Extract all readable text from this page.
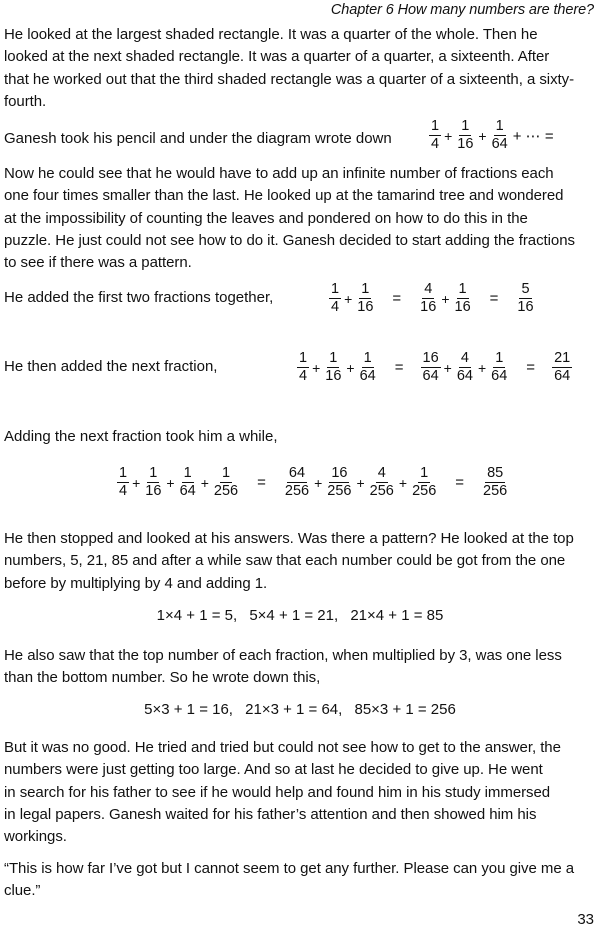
Chapter 6 How many numbers are there?
He looked at the largest shaded rectangle. It was a quarter of the whole. Then he
looked at the next shaded rectangle. It was a quarter of a quarter, a sixteenth. After
that he worked out that the third shaded rectangle was a quarter of a sixteenth, a sixty-
fourth.
Ganesh took his pencil and under the diagram wrote down	$\frac{1}{4} + \frac{1}{16} + \frac{1}{64}$ + ⋯ =
Now he could see that he would have to add up an infinite number of fractions each
one four times smaller than the last. He looked up at the tamarind tree and wondered
at the impossibility of counting the leaves and pondered on how to do this in the
puzzle. He just could not see how to do it. Ganesh decided to start adding the fractions
to see if there was a pattern.
He added the first two fractions together,	$\frac{1}{4} + \frac{1}{16} = \frac{4}{16} + \frac{1}{16} = \frac{5}{16}$
He then added the next fraction,	$\frac{1}{4} + \frac{1}{16} + \frac{1}{64} = \frac{16}{64} + \frac{4}{64} + \frac{1}{64} = \frac{21}{64}$
Adding the next fraction took him a while,
$\frac{1}{4} + \frac{1}{16} + \frac{1}{64} + \frac{1}{256} = \frac{64}{256} + \frac{16}{256} + \frac{4}{256} + \frac{1}{256} = \frac{85}{256}$
He then stopped and looked at his answers. Was there a pattern? He looked at the top
numbers, 5, 21, 85 and after a while saw that each number could be got from the one
before by multiplying by 4 and adding 1.
1×4 + 1 = 5, 5×4 + 1 = 21, 21×4 + 1 = 85
He also saw that the top number of each fraction, when multiplied by 3, was one less
than the bottom number. So he wrote down this,
5×3 + 1 = 16, 21×3 + 1 = 64, 85×3 + 1 = 256
But it was no good. He tried and tried but could not see how to get to the answer, the
numbers were just getting too large. And so at last he decided to give up. He went
in search for his father to see if he would help and found him in his study immersed
in legal papers. Ganesh waited for his father’s attention and then showed him his
workings.
“This is how far I’ve got but I cannot seem to get any further. Please can you give me a
clue.”
33
